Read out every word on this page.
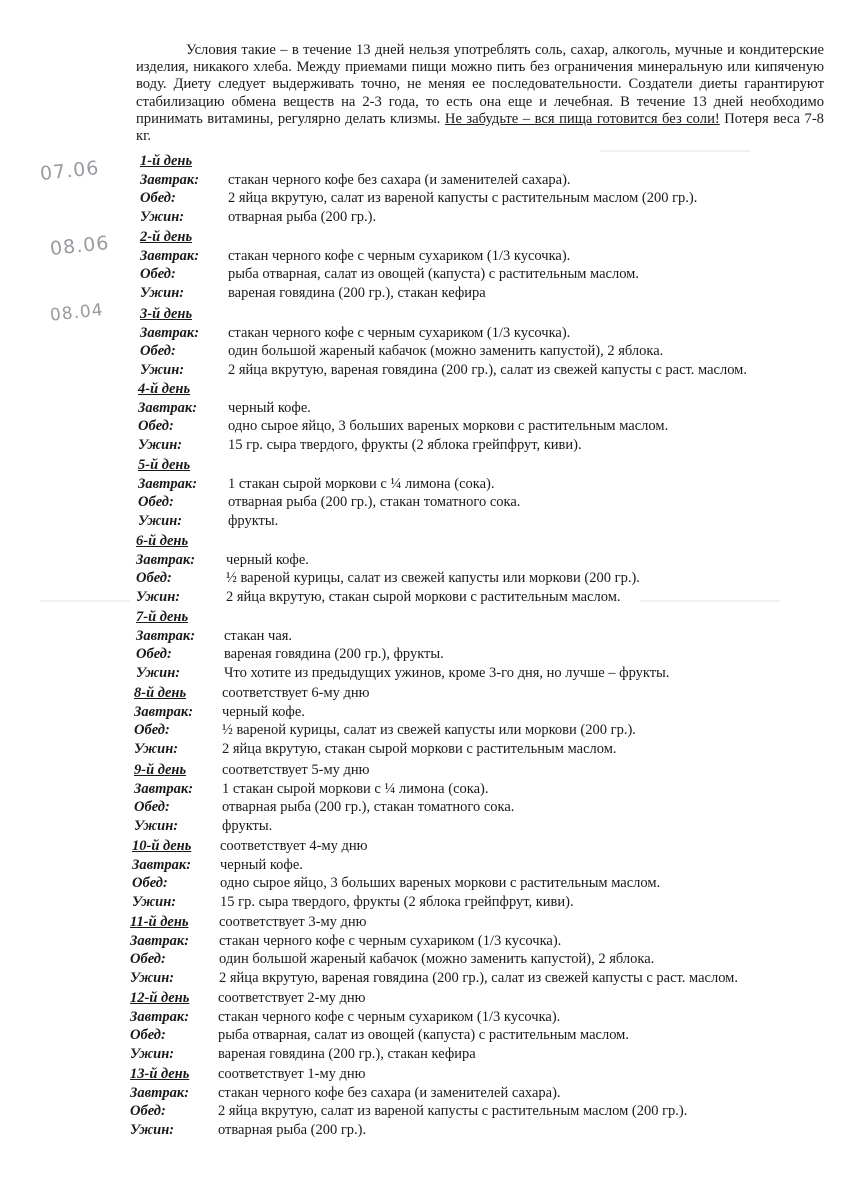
Условия такие – в течение 13 дней нельзя употреблять соль, сахар, алкоголь, мучные и кондитерские изделия, никакого хлеба. Между приемами пищи можно пить без ограничения минеральную или кипяченую воду. Диету следует выдерживать точно, не меняя ее последовательности. Создатели диеты гарантируют стабилизацию обмена веществ на 2-3 года, то есть она еще и лечебная. В течение 13 дней необходимо принимать витамины, регулярно делать клизмы. Не забудьте – вся пища готовится без соли! Потеря веса 7-8 кг.

07.06
08.06
08.04
1-й день
Завтрак: стакан черного кофе без сахара (и заменителей сахара).
Обед:	2 яйца вкрутую, салат из вареной капусты с растительным маслом (200 гр.).
Ужин:	отварная рыба (200 гр.).
2-й день
Завтрак: стакан черного кофе с черным сухариком (1/3 кусочка).
Обед:	рыба отварная, салат из овощей (капуста) с растительным маслом.
Ужин:	вареная говядина (200 гр.), стакан кефира
3-й день
Завтрак: стакан черного кофе с черным сухариком (1/3 кусочка).
Обед:	один большой жареный кабачок (можно заменить капустой), 2 яблока.
Ужин:	2 яйца вкрутую, вареная говядина (200 гр.), салат из свежей капусты с раст. маслом.
4-й день
Завтрак: черный кофе.
Обед:	одно сырое яйцо, 3 больших вареных моркови с растительным маслом.
Ужин:	15 гр. сыра твердого, фрукты (2 яблока грейпфрут, киви).
5-й день
Завтрак: 1 стакан сырой моркови с ¼ лимона (сока).
Обед:	отварная рыба (200 гр.), стакан томатного сока.
Ужин:	фрукты.
6-й день
Завтрак: черный кофе.
Обед:	½ вареной курицы, салат из свежей капусты или моркови (200 гр.).
Ужин:	2 яйца вкрутую, стакан сырой моркови с растительным маслом.
7-й день
Завтрак: стакан чая.
Обед:	вареная говядина (200 гр.), фрукты.
Ужин:	Что хотите из предыдущих ужинов, кроме 3-го дня, но лучше – фрукты.
8-й день соответствует 6-му дню
Завтрак: черный кофе.
Обед:	½ вареной курицы, салат из свежей капусты или моркови (200 гр.).
Ужин:	2 яйца вкрутую, стакан сырой моркови с растительным маслом.
9-й день соответствует 5-му дню
Завтрак: 1 стакан сырой моркови с ¼ лимона (сока).
Обед:	отварная рыба (200 гр.), стакан томатного сока.
Ужин:	фрукты.
10-й день соответствует 4-му дню
Завтрак: черный кофе.
Обед:	одно сырое яйцо, 3 больших вареных моркови с растительным маслом.
Ужин:	15 гр. сыра твердого, фрукты (2 яблока грейпфрут, киви).
11-й день соответствует 3-му дню
Завтрак: стакан черного кофе с черным сухариком (1/3 кусочка).
Обед:	один большой жареный кабачок (можно заменить капустой), 2 яблока.
Ужин:	2 яйца вкрутую, вареная говядина (200 гр.), салат из свежей капусты с раст. маслом.
12-й день соответствует 2-му дню
Завтрак: стакан черного кофе с черным сухариком (1/3 кусочка).
Обед:	рыба отварная, салат из овощей (капуста) с растительным маслом.
Ужин:	вареная говядина (200 гр.), стакан кефира
13-й день соответствует 1-му дню
Завтрак: стакан черного кофе без сахара (и заменителей сахара).
Обед:	2 яйца вкрутую, салат из вареной капусты с растительным маслом (200 гр.).
Ужин:	отварная рыба (200 гр.).
